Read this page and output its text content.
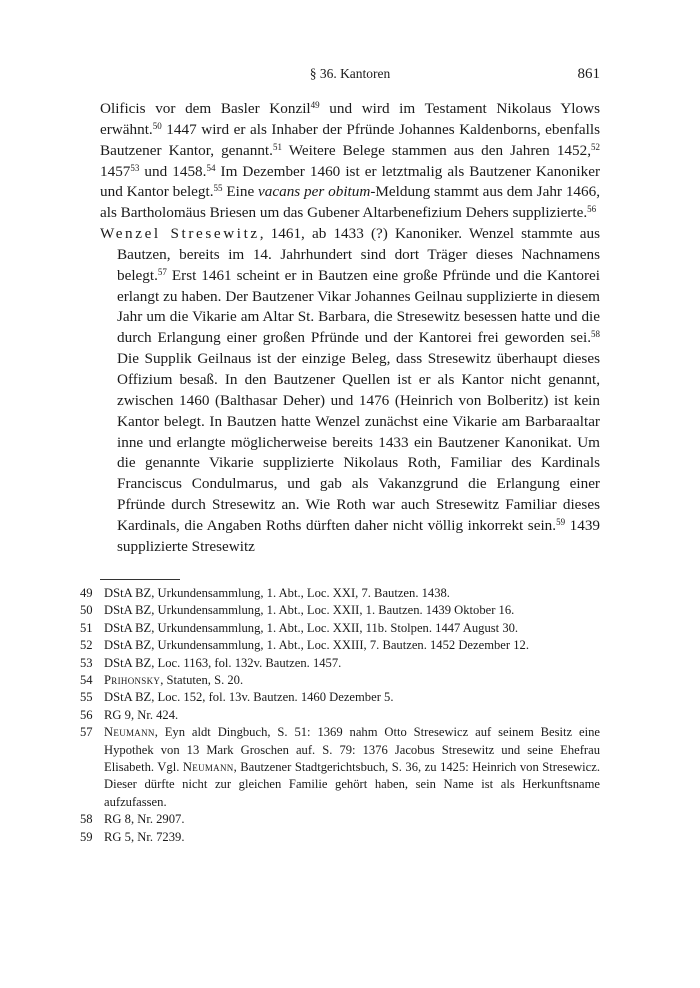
§ 36. Kantoren	861

Olificis vor dem Basler Konzil$^{49}$ und wird im Testament Nikolaus Ylows erwähnt.$^{50}$ 1447 wird er als Inhaber der Pfründe Johannes Kaldenborns, ebenfalls Bautzener Kantor, genannt.$^{51}$ Weitere Belege stammen aus den Jahren 1452,52 1457$^{53}$ und 1458.54 Im Dezember 1460 ist er letztmalig als Bautzener Kanoniker und Kantor belegt.$^{55}$ Eine vacans per obitum-Meldung stammt aus dem Jahr 1466, als Bartholomäus Briesen um das Gubener Altarbenefizium Dehers supplizierte.$^{56}$

Wenzel Stresewitz, 1461, ab 1433 (?) Kanoniker. Wenzel stammte aus Bautzen, bereits im 14. Jahrhundert sind dort Träger dieses Nachnamens belegt.$^{57}$ Erst 1461 scheint er in Bautzen eine große Pfründe und die Kantorei erlangt zu haben. Der Bautzener Vikar Johannes Geilnau supplizierte in diesem Jahr um die Vikarie am Altar St. Barbara, die Stresewitz besessen hatte und die durch Erlangung einer großen Pfründe und der Kantorei frei geworden sei.$^{58}$ Die Supplik Geilnaus ist der einzige Beleg, dass Stresewitz überhaupt dieses Offizium besaß. In den Bautzener Quellen ist er als Kantor nicht genannt, zwischen 1460 (Balthasar Deher) und 1476 (Heinrich von Bolberitz) ist kein Kantor belegt. In Bautzen hatte Wenzel zunächst eine Vikarie am Barbaraaltar inne und erlangte möglicherweise bereits 1433 ein Bautzener Kanonikat. Um die genannte Vikarie supplizierte Nikolaus Roth, Familiar des Kardinals Franciscus Condulmarus, und gab als Vakanzgrund die Erlangung einer Pfründe durch Stresewitz an. Wie Roth war auch Stresewitz Familiar dieses Kardinals, die Angaben Roths dürften daher nicht völlig inkorrekt sein.$^{59}$ 1439 supplizierte Stresewitz

49 DStA BZ, Urkundensammlung, 1. Abt., Loc. XXI, 7. Bautzen. 1438.
50 DStA BZ, Urkundensammlung, 1. Abt., Loc. XXII, 1. Bautzen. 1439 Oktober 16.
51 DStA BZ, Urkundensammlung, 1. Abt., Loc. XXII, 11b. Stolpen. 1447 August 30.
52 DStA BZ, Urkundensammlung, 1. Abt., Loc. XXIII, 7. Bautzen. 1452 Dezember 12.
53 DStA BZ, Loc. 1163, fol. 132v. Bautzen. 1457.
54 Prihonsky, Statuten, S. 20.
55 DStA BZ, Loc. 152, fol. 13v. Bautzen. 1460 Dezember 5.
56 RG 9, Nr. 424.
57 Neumann, Eyn aldt Dingbuch, S. 51: 1369 nahm Otto Stresewicz auf seinem Besitz eine Hypothek von 13 Mark Groschen auf. S. 79: 1376 Jacobus Stresewitz und seine Ehefrau Elisabeth. Vgl. Neumann, Bautzener Stadtgerichtsbuch, S. 36, zu 1425: Heinrich von Stresewicz. Dieser dürfte nicht zur gleichen Familie gehört haben, sein Name ist als Herkunftsname aufzufassen.
58 RG 8, Nr. 2907.
59 RG 5, Nr. 7239.
